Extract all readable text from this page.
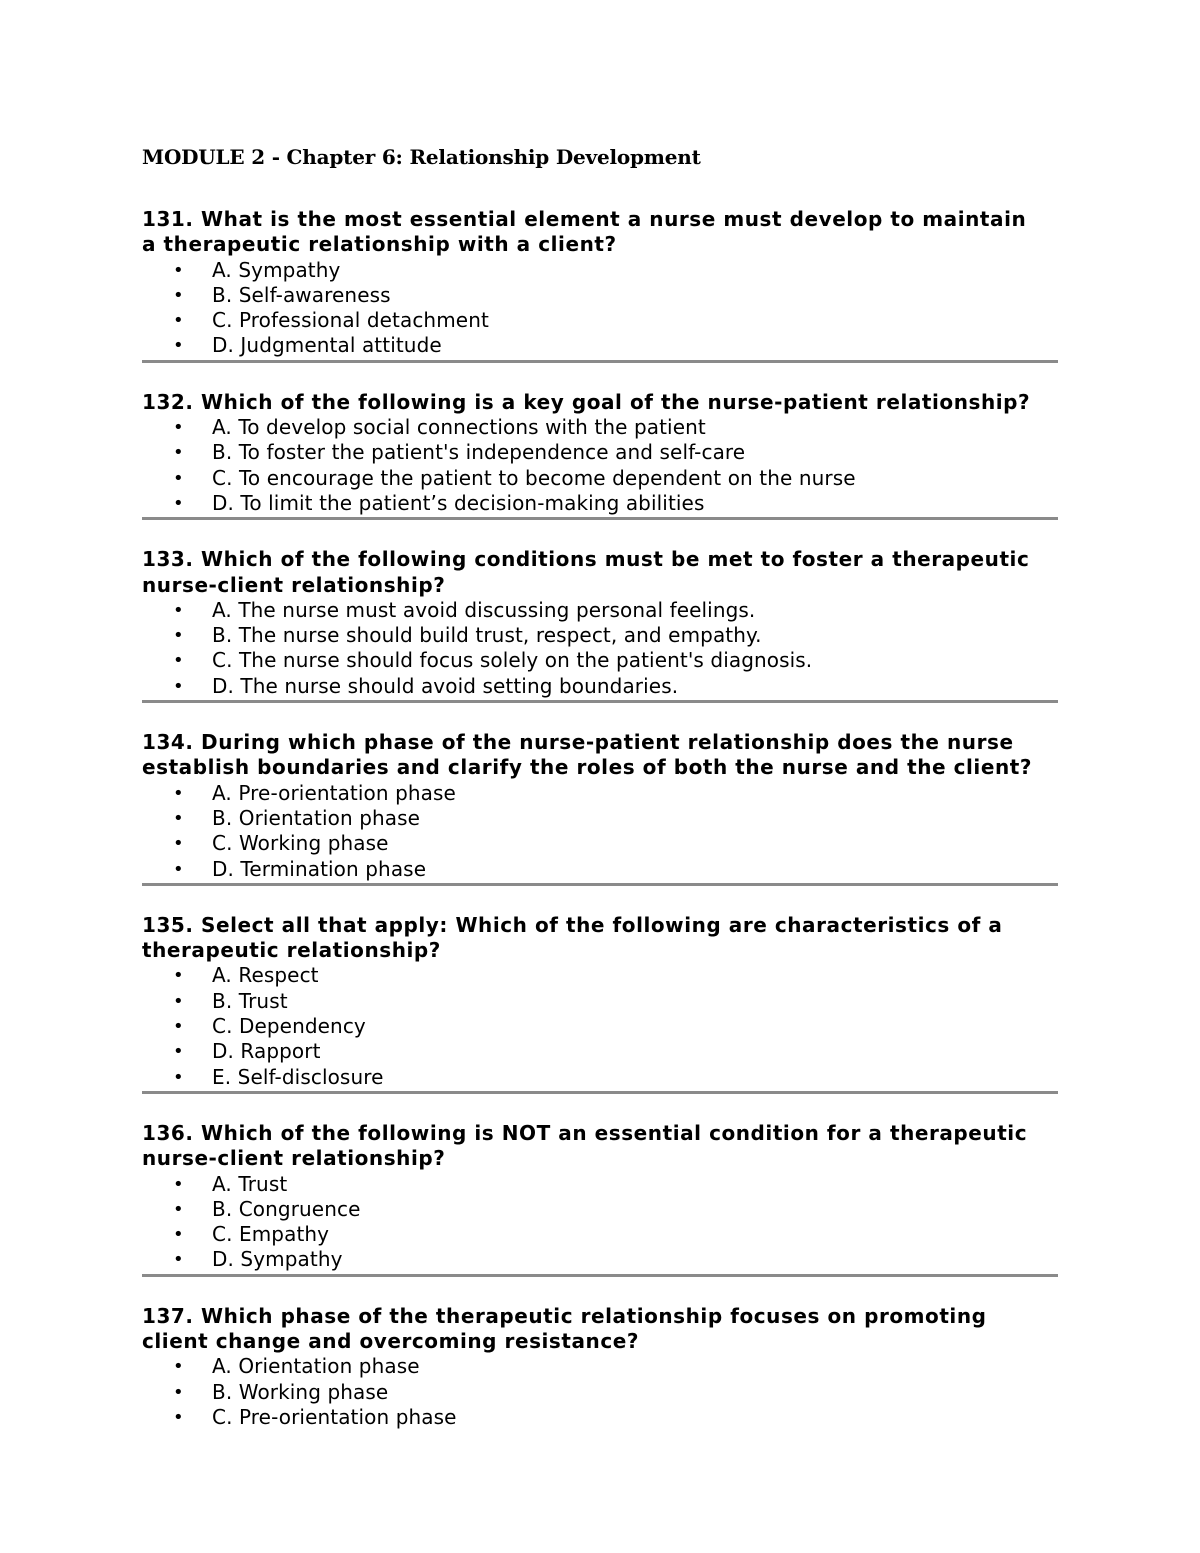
MODULE 2 - Chapter 6: Relationship Development

131. What is the most essential element a nurse must develop to maintain
a therapeutic relationship with a client?

• A. Sympathy
• B. Self-awareness
• C. Professional detachment
• D. Judgmental attitude

132. Which of the following is a key goal of the nurse-patient relationship?

• A. To develop social connections with the patient
• B. To foster the patient's independence and self-care
• C. To encourage the patient to become dependent on the nurse
• D. To limit the patient’s decision-making abilities

133. Which of the following conditions must be met to foster a therapeutic
nurse-client relationship?

• A. The nurse must avoid discussing personal feelings.
• B. The nurse should build trust, respect, and empathy.
• C. The nurse should focus solely on the patient's diagnosis.
• D. The nurse should avoid setting boundaries.

134. During which phase of the nurse-patient relationship does the nurse
establish boundaries and clarify the roles of both the nurse and the client?

• A. Pre-orientation phase
• B. Orientation phase
• C. Working phase
• D. Termination phase

135. Select all that apply: Which of the following are characteristics of a
therapeutic relationship?

• A. Respect
• B. Trust
• C. Dependency
• D. Rapport
• E. Self-disclosure

136. Which of the following is NOT an essential condition for a therapeutic
nurse-client relationship?

• A. Trust
• B. Congruence
• C. Empathy
• D. Sympathy

137. Which phase of the therapeutic relationship focuses on promoting
client change and overcoming resistance?

• A. Orientation phase
• B. Working phase
• C. Pre-orientation phase
